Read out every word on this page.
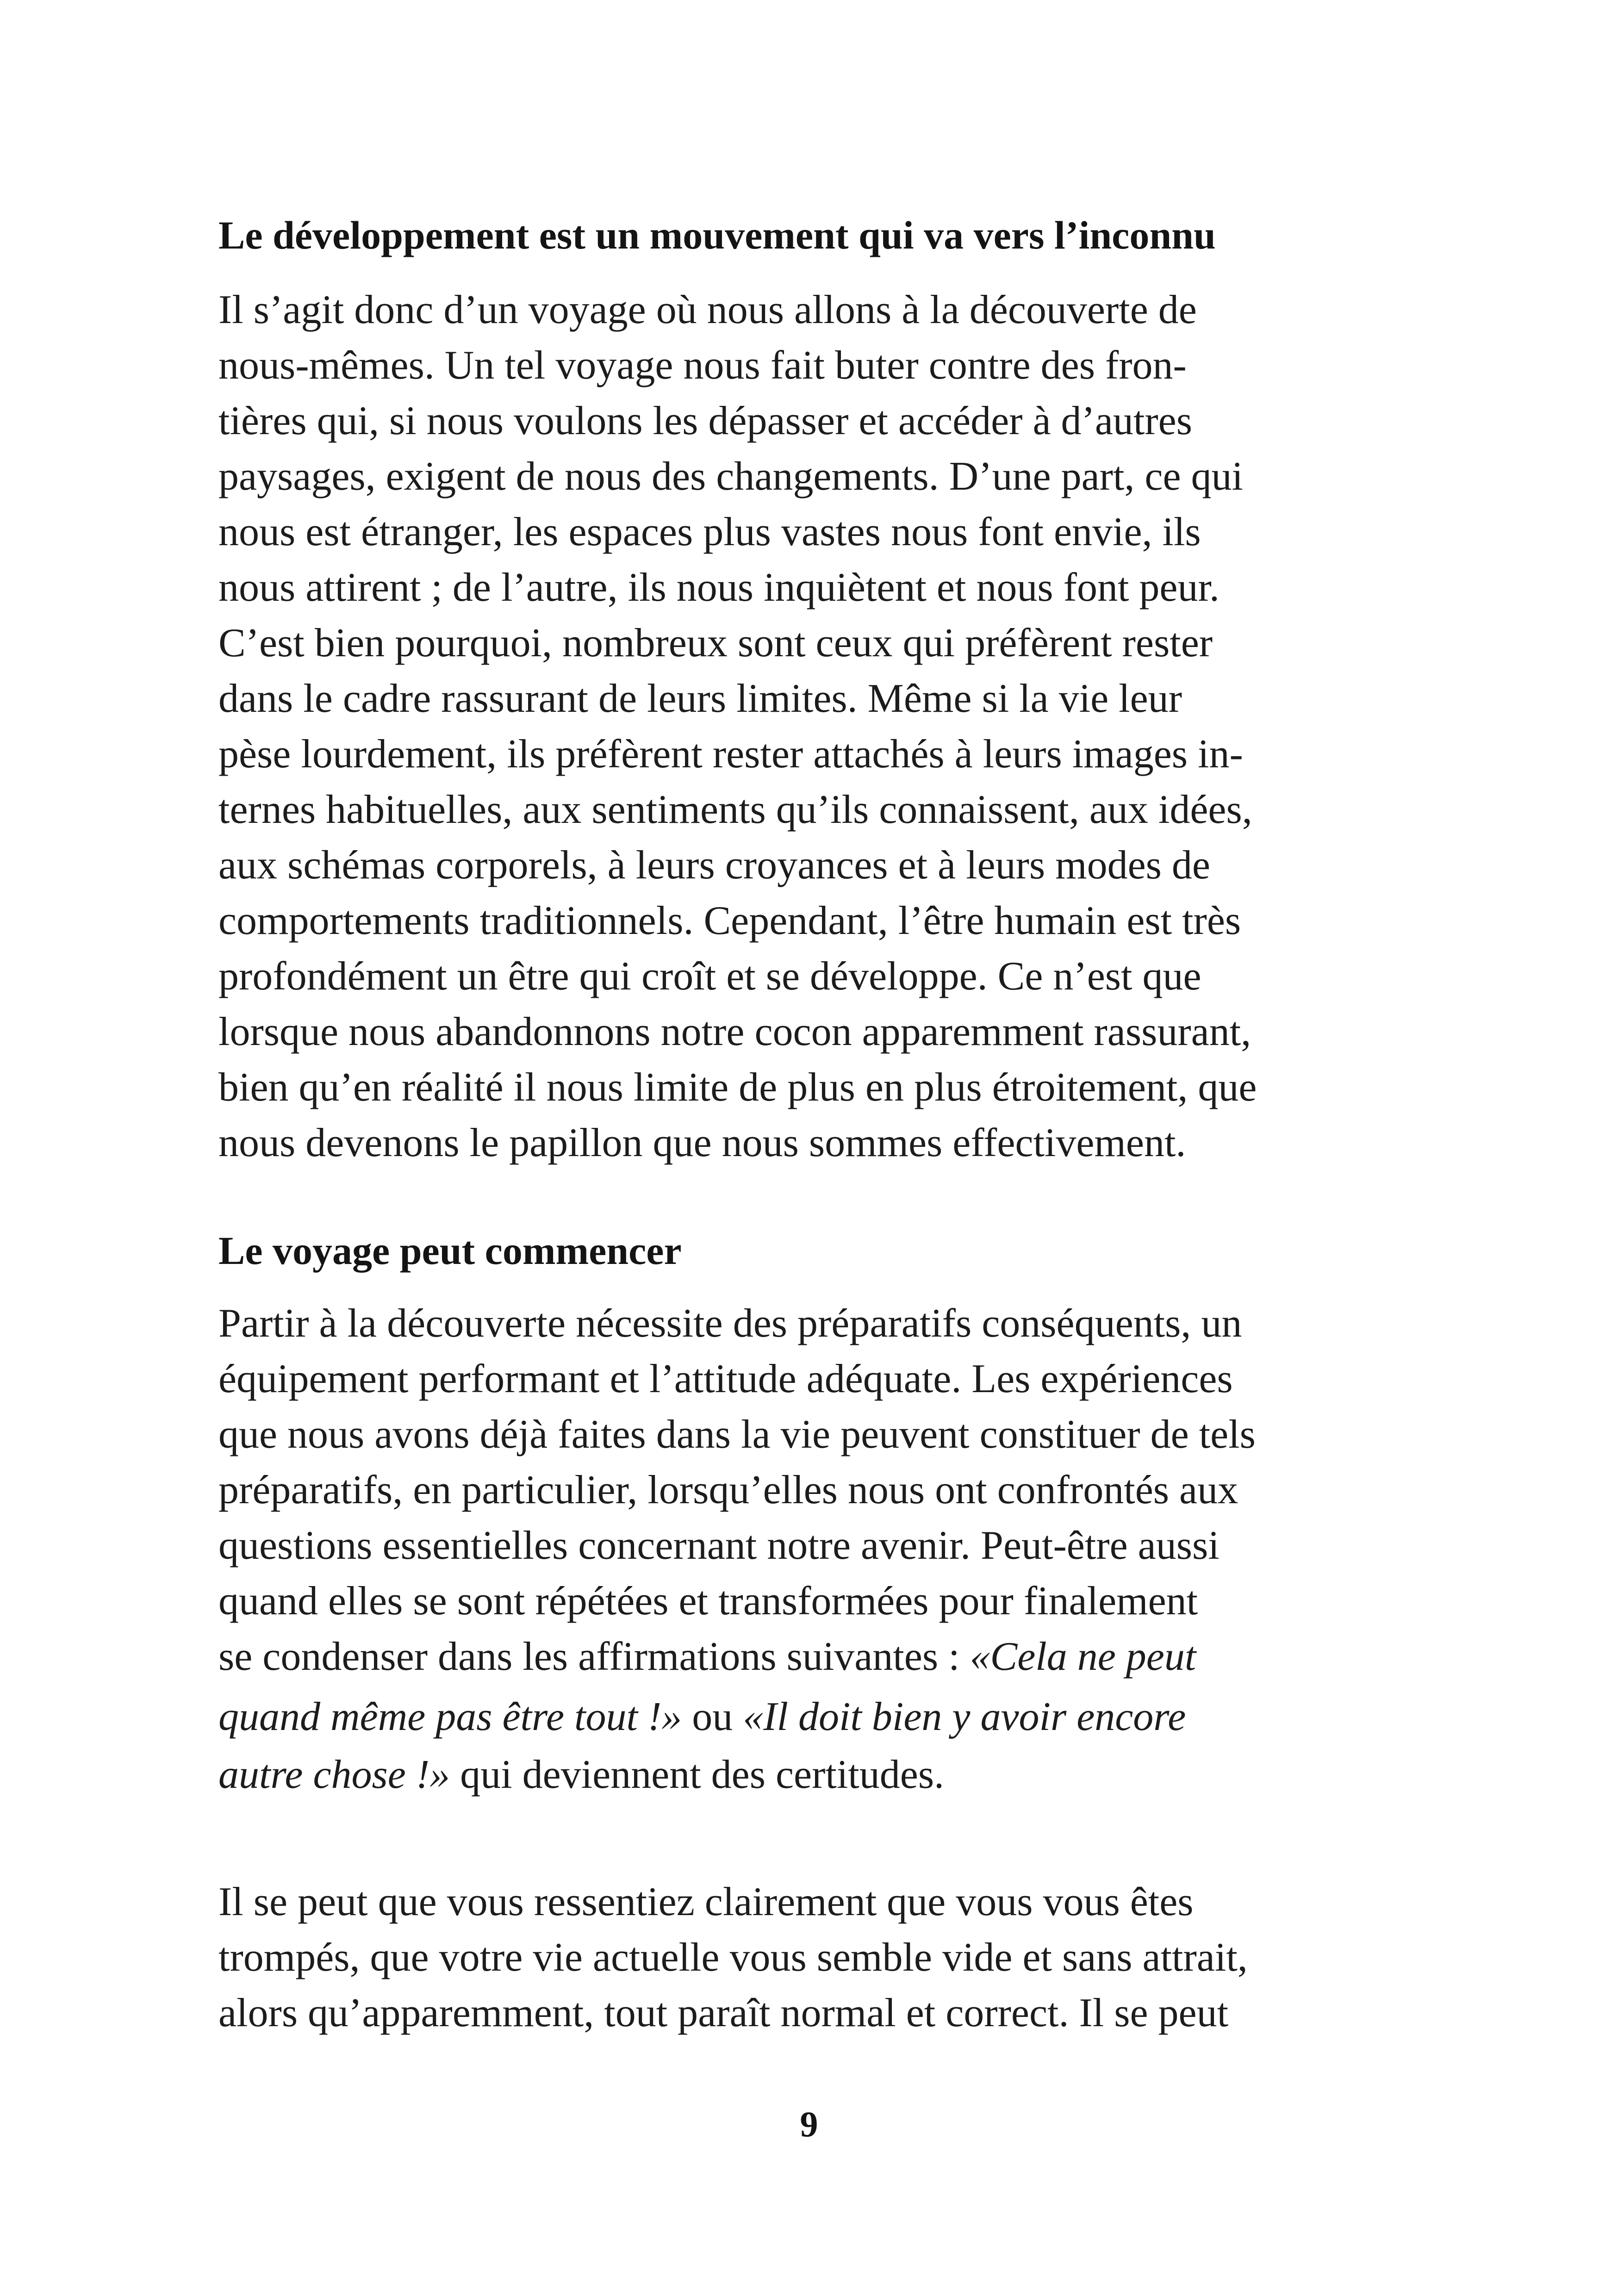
Le développement est un mouvement qui va vers l’inconnu
Il s’agit donc d’un voyage où nous allons à la découverte de
nous-mêmes. Un tel voyage nous fait buter contre des fron-
tières qui, si nous voulons les dépasser et accéder à d’autres
paysages, exigent de nous des changements. D’une part, ce qui
nous est étranger, les espaces plus vastes nous font envie, ils
nous attirent ; de l’autre, ils nous inquiètent et nous font peur.
C’est bien pourquoi, nombreux sont ceux qui préfèrent rester
dans le cadre rassurant de leurs limites. Même si la vie leur
pèse lourdement, ils préfèrent rester attachés à leurs images in-
ternes habituelles, aux sentiments qu’ils connaissent, aux idées,
aux schémas corporels, à leurs croyances et à leurs modes de
comportements traditionnels. Cependant, l’être humain est très
profondément un être qui croît et se développe. Ce n’est que
lorsque nous abandonnons notre cocon apparemment rassurant,
bien qu’en réalité il nous limite de plus en plus étroitement, que
nous devenons le papillon que nous sommes effectivement.
Le voyage peut commencer
Partir à la découverte nécessite des préparatifs conséquents, un
équipement performant et l’attitude adéquate. Les expériences
que nous avons déjà faites dans la vie peuvent constituer de tels
préparatifs, en particulier, lorsqu’elles nous ont confrontés aux
questions essentielles concernant notre avenir. Peut-être aussi
quand elles se sont répétées et transformées pour finalement
se condenser dans les affirmations suivantes : «Cela ne peut
quand même pas être tout !» ou «Il doit bien y avoir encore
autre chose !» qui deviennent des certitudes.
Il se peut que vous ressentiez clairement que vous vous êtes
trompés, que votre vie actuelle vous semble vide et sans attrait,
alors qu’apparemment, tout paraît normal et correct. Il se peut
9
